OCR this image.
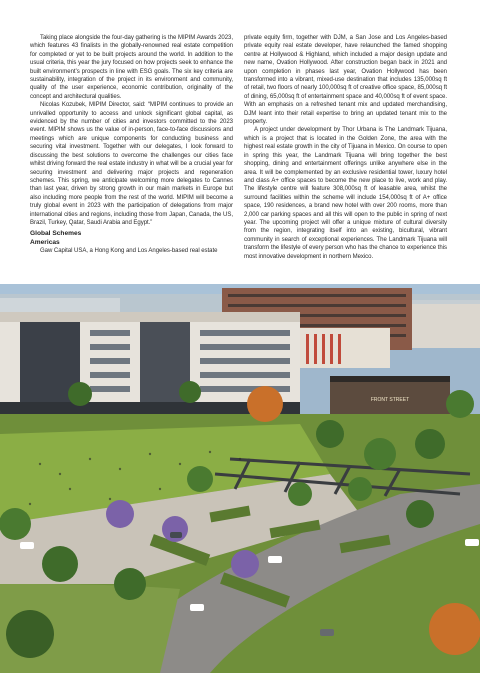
Taking place alongside the four-day gathering is the MIPIM Awards 2023, which features 43 finalists in the globally-renowned real estate competition for completed or yet to be built projects around the world. In addition to the usual criteria, this year the jury focused on how projects seek to enhance the built environment’s prospects in line with ESG goals. The six key criteria are sustainability, integration of the project in its environment and community, quality of the user experience, economic contribution, originality of the concept and architectural qualities.

Nicolas Kozubek, MIPIM Director, said: “MIPIM continues to provide an unrivalled opportunity to access and unlock significant global capital, as evidenced by the number of cities and investors committed to the 2023 event. MIPIM shows us the value of in-person, face-to-face discussions and meetings which are unique components for conducting business and securing vital investment. Together with our delegates, I look forward to discussing the best solutions to overcome the challenges our cities face whilst driving forward the real estate industry in what will be a crucial year for securing investment and delivering major projects and regeneration schemes. This spring, we anticipate welcoming more delegates to Cannes than last year, driven by strong growth in our main markets in Europe but also including more people from the rest of the world. MIPIM will become a truly global event in 2023 with the participation of delegations from major international cities and regions, including those from Japan, Canada, the US, Brazil, Turkey, Qatar, Saudi Arabia and Egypt.”

Global Schemes
Americas

Gaw Capital USA, a Hong Kong and Los Angeles-based real estate

private equity firm, together with DJM, a San Jose and Los Angeles-based private equity real estate developer, have relaunched the famed shopping centre at Hollywood & Highland, which included a major design update and new name, Ovation Hollywood. After construction began back in 2021 and upon completion in phases last year, Ovation Hollywood has been transformed into a vibrant, mixed-use destination that includes 135,000sq ft of retail, two floors of nearly 100,000sq ft of creative office space, 85,000sq ft of dining, 65,000sq ft of entertainment space and 40,000sq ft of event space. With an emphasis on a refreshed tenant mix and updated merchandising, DJM leant into their retail expertise to bring an updated tenant mix to the property.

A project under development by Thor Urbana is The Landmark Tijuana, which is a project that is located in the Golden Zone, the area with the highest real estate growth in the city of Tijuana in Mexico. On course to open in spring this year, the Landmark Tijuana will bring together the best shopping, dining and entertainment offerings unlike anywhere else in the area. It will be complemented by an exclusive residential tower, luxury hotel and class A+ office spaces to become the new place to live, work and play. The lifestyle centre will feature 308,000sq ft of leasable area, whilst the surround facilities within the scheme will include 154,000sq ft of A+ office space, 190 residences, a brand new hotel with over 200 rooms, more than 2,000 car parking spaces and all this will open to the public in spring of next year. The upcoming project will offer a unique mixture of cultural diversity from the region, integrating itself into an existing, bicultural, vibrant community in search of exceptional experiences. The Landmark Tijuana will transform the lifestyle of every person who has the chance to experience this most innovative development in northern Mexico.

FRONT STREET
